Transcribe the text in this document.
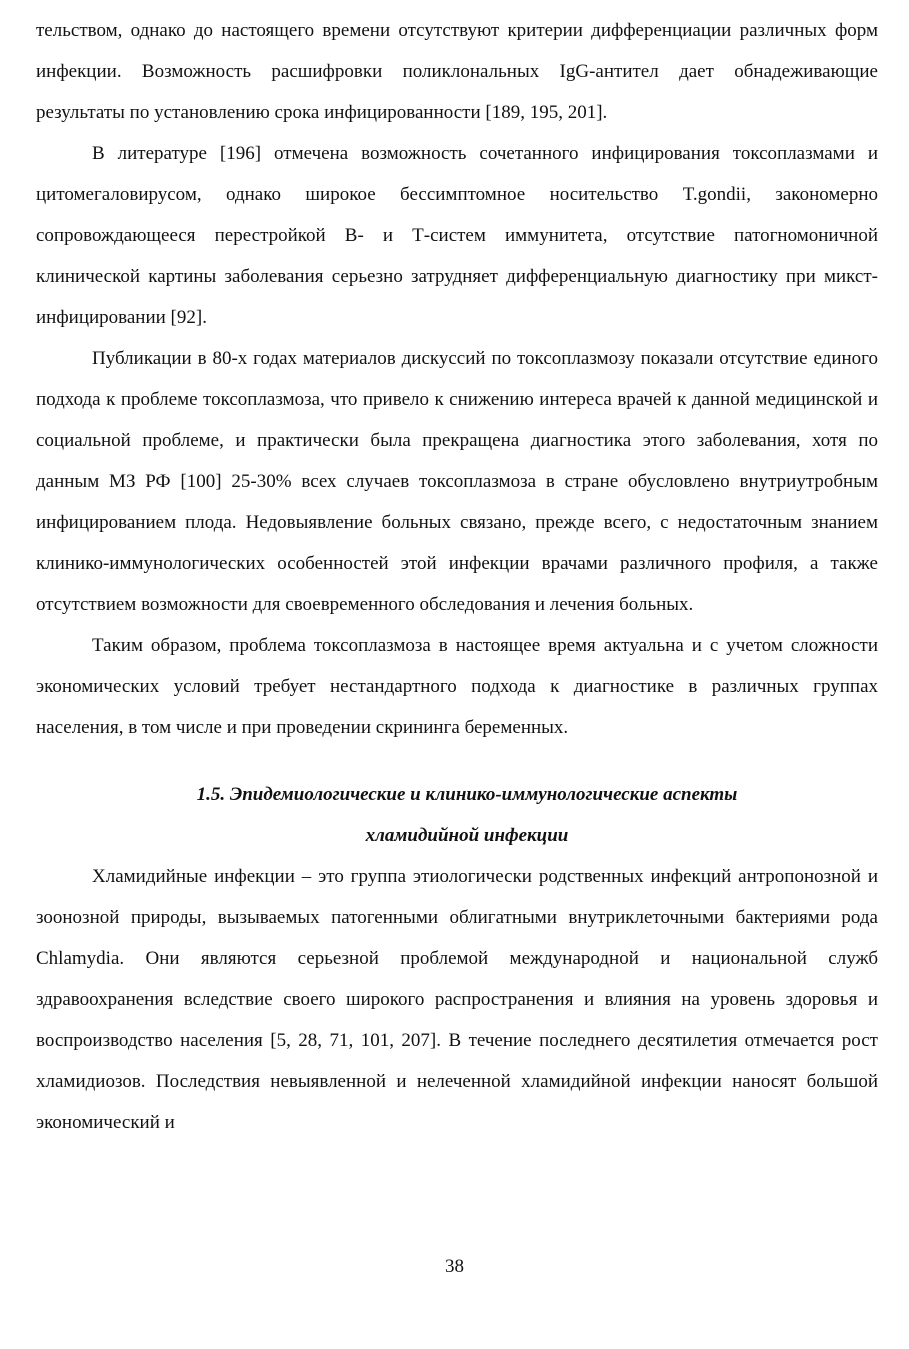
тельством, однако до настоящего времени отсутствуют критерии дифференциации различных форм инфекции. Возможность расшифровки поликлональных IgG-антител дает обнадеживающие результаты по установлению срока инфицированности [189, 195, 201].

В литературе [196] отмечена возможность сочетанного инфицирования токсоплазмами и цитомегаловирусом, однако широкое бессимптомное носительство T.gondii, закономерно сопровождающееся перестройкой В- и Т-систем иммунитета, отсутствие патогномоничной клинической картины заболевания серьезно затрудняет дифференциальную диагностику при микст-инфицировании [92].

Публикации в 80-х годах материалов дискуссий по токсоплазмозу показали отсутствие единого подхода к проблеме токсоплазмоза, что привело к снижению интереса врачей к данной медицинской и социальной проблеме, и практически была прекращена диагностика этого заболевания, хотя по данным МЗ РФ [100] 25-30% всех случаев токсоплазмоза в стране обусловлено внутриутробным инфицированием плода. Недовыявление больных связано, прежде всего, с недостаточным знанием клинико-иммунологических особенностей этой инфекции врачами различного профиля, а также отсутствием возможности для своевременного обследования и лечения больных.

Таким образом, проблема токсоплазмоза в настоящее время актуальна и с учетом сложности экономических условий требует нестандартного подхода к диагностике в различных группах населения, в том числе и при проведении скрининга беременных.

1.5. Эпидемиологические и клинико-иммунологические аспекты
хламидийной инфекции

Хламидийные инфекции – это группа этиологически родственных инфекций антропонозной и зоонозной природы, вызываемых патогенными облигатными внутриклеточными бактериями рода Chlamydia. Они являются серьезной проблемой международной и национальной служб здравоохранения вследствие своего широкого распространения и влияния на уровень здоровья и воспроизводство населения [5, 28, 71, 101, 207]. В течение последнего десятилетия отмечается рост хламидиозов. Последствия невыявленной и нелеченной хламидийной инфекции наносят большой экономический и

38
